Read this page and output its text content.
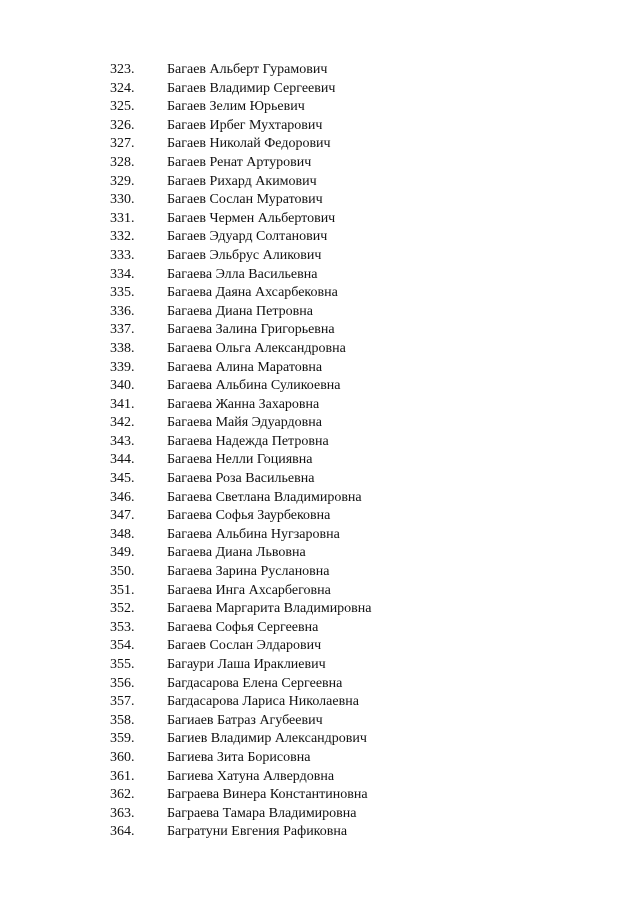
323.	Багаев Альберт Гурамович
324.	Багаев Владимир Сергеевич
325.	Багаев Зелим Юрьевич
326.	Багаев Ирбег Мухтарович
327.	Багаев Николай Федорович
328.	Багаев Ренат Артурович
329.	Багаев Рихард Акимович
330.	Багаев Сослан Муратович
331.	Багаев Чермен Альбертович
332.	Багаев Эдуард Солтанович
333.	Багаев Эльбрус Аликович
334.	Багаева Элла Васильевна
335.	Багаева Даяна Ахсарбековна
336.	Багаева Диана Петровна
337.	Багаева Залина Григорьевна
338.	Багаева Ольга Александровна
339.	Багаева Алина Маратовна
340.	Багаева Альбина Суликоевна
341.	Багаева Жанна Захаровна
342.	Багаева Майя Эдуардовна
343.	Багаева Надежда Петровна
344.	Багаева Нелли Гоциявна
345.	Багаева Роза Васильевна
346.	Багаева Светлана Владимировна
347.	Багаева Софья Заурбековна
348.	Багаева Альбина Нугзаровна
349.	Багаева Диана Львовна
350.	Багаева Зарина Руслановна
351.	Багаева Инга Ахсарбеговна
352.	Багаева Маргарита Владимировна
353.	Багаева Софья Сергеевна
354.	Багаев Сослан Элдарович
355.	Багаури Лаша Ираклиевич
356.	Багдасарова Елена Сергеевна
357.	Багдасарова Лариса Николаевна
358.	Багиаев Батраз Агубеевич
359.	Багиев Владимир Александрович
360.	Багиева Зита Борисовна
361.	Багиева Хатуна Алвердовна
362.	Баграева Винера Константиновна
363.	Баграева Тамара Владимировна
364.	Багратуни Евгения Рафиковна
